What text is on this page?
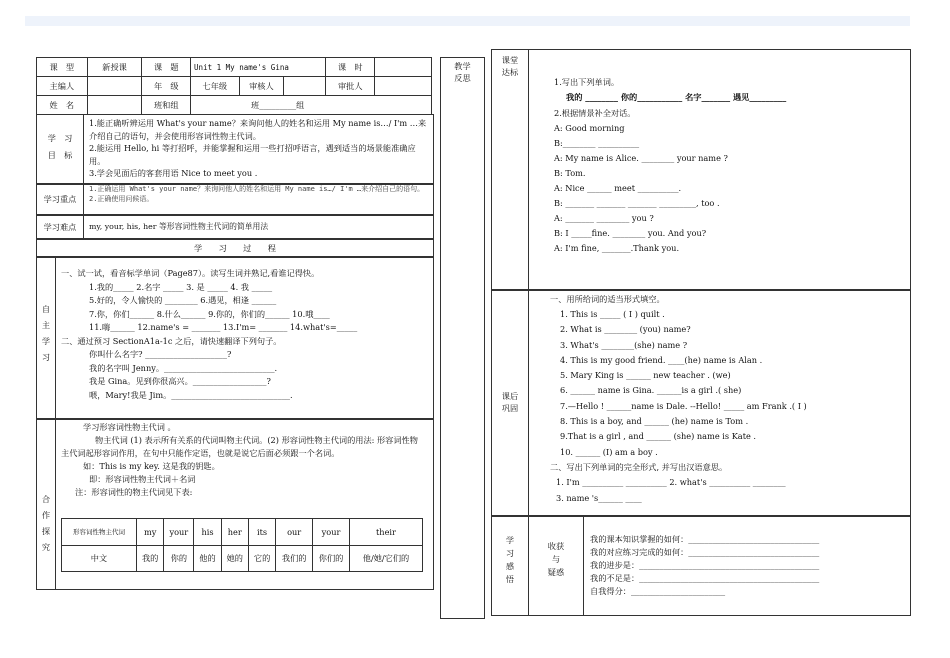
课　型	新授课	课　题	Unit 1 My name's Gina			课　时	
主编人		年　级	七年级	审核人		审批人	
姓　名		班和组	班_________组				
学　习
目　标
1.能正确听辨运用 What's your name？来询问他人的姓名和运用 My name is…/ I'm …来介绍自己的语句，并会使用形容词性物主代词。
2.能运用 Hello, hi 等打招呼，并能掌握和运用一些打招呼语言，遇到适当的场景能准确应用。
3.学会见面后的客套用语 Nice to meet you .
学习重点
1.正确运用 What's your name？来询问他人的姓名和运用 My name is…/ I'm …来介绍自己的语句。
2.正确使用问候语。
学习难点	my, your, his, her 等形容词性物主代词的简单用法
学　　习　　过　　程
自
主
学
习
一、试一试，看音标学单词（Page87）。读写生词并熟记,看谁记得快。
1.我的_____ 2.名字 _____ 3. 是 _____ 4. 我 _____
5.好的，令人愉快的 ________ 6.遇见，相逢 ______
7.你，你们______ 8.什么______ 9.你的，你们的______ 10.哦____
11.嗨______ 12.name's = _______ 13.I'm= _______ 14.what's=_____
二、通过预习 SectionA1a-1c 之后，请快速翻译下列句子。
你叫什么名字? ____________________?
我的名字叫 Jenny。___________________________.
我是 Gina。见到你很高兴。__________________?
喂，Mary!我是 Jim。_____________________________.
合
作
探
究
学习形容词性物主代词 。
物主代词 (1) 表示所有关系的代词叫物主代词。(2) 形容词性物主代词的用法: 形容词性物主代词起形容词作用，在句中只能作定语，也就是说它后面必须跟一个名词。
如：This is my key. 这是我的钥匙。
即：形容词性物主代词＋名词
注：形容词性的物主代词见下表:
形容词性物主代词	my	your	his	her	its	our	your	their
中文	我的	你的	他的	她的	它的	我们的	你们的	他/她/它们的
教学
反思
课堂
达标
1.写出下列单词。
我的 ________ 你的___________ 名字_______ 遇见_________
2.根据情景补全对话。
A: Good morning
B:________ __________
A: My name is Alice. ________ your name ?
B: Tom.
A: Nice ______ meet __________.
B: _______ _______ _______ _________, too .
A: _______ ________ you ?
B: I _____fine. ________ you. And you?
A: I'm fine, _______.Thank you.
课后
巩固
一、用所给词的适当形式填空。
1. This is _____ ( I ) quilt .
2. What is ________ (you) name?
3. What's ________(she) name ?
4. This is my good friend. ____(he) name is Alan .
5. Mary King is ______ new teacher . (we)
6. ______ name is Gina. ______is a girl .( she)
7.—Hello ! ______name is Dale. --Hello! _____ am Frank .( I )
8. This is a boy, and ______ (he) name is Tom .
9.That is a girl , and ______ (she) name is Kate .
10. ______ (I) am a boy .
二、写出下列单词的完全形式, 并写出汉语意思。
1. I'm __________ __________ 2. what's __________ ________
3. name 's______ ____
学
习
感
悟
收获
与
疑惑
我的课本知识掌握的如何：________________________________
我的对应练习完成的如何：________________________________
我的进步是：____________________________________________
我的不足是：____________________________________________
自我得分：_______________________
